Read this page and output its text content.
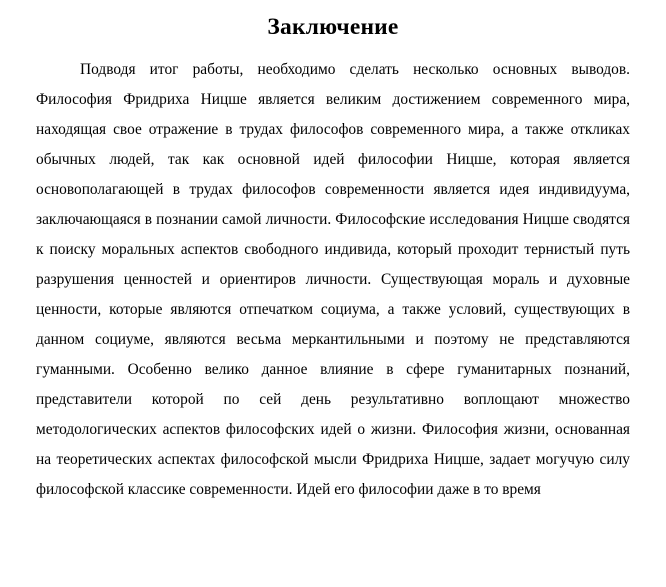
Заключение

Подводя итог работы, необходимо сделать несколько основных выводов. Философия Фридриха Ницше является великим достижением современного мира, находящая свое отражение в трудах философов современного мира, а также откликах обычных людей, так как основной идей философии Ницше, которая является основополагающей в трудах философов современности является идея индивидуума, заключающаяся в познании самой личности. Философские исследования Ницше сводятся к поиску моральных аспектов свободного индивида, который проходит тернистый путь разрушения ценностей и ориентиров личности. Существующая мораль и духовные ценности, которые являются отпечатком социума, а также условий, существующих в данном социуме, являются весьма меркантильными и поэтому не представляются гуманными. Особенно велико данное влияние в сфере гуманитарных познаний, представители которой по сей день результативно воплощают множество методологических аспектов философских идей о жизни. Философия жизни, основанная на теоретических аспектах философской мысли Фридриха Ницше, задает могучую силу философской классике современности. Идей его философии даже в то время
